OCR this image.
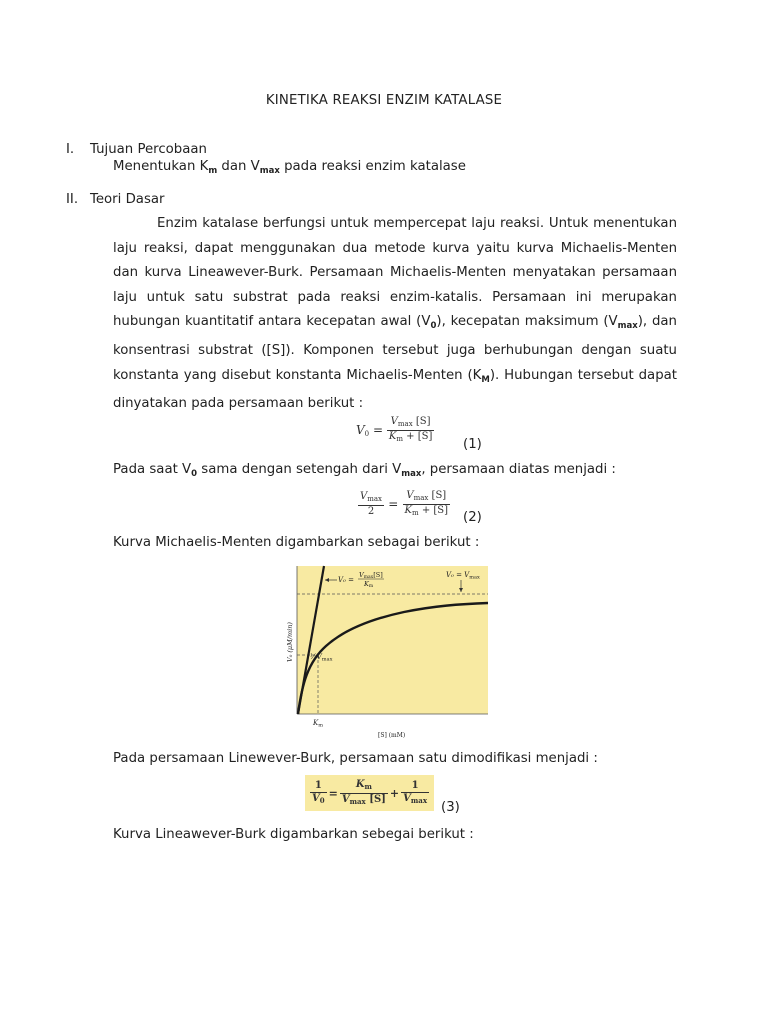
KINETIKA REAKSI ENZIM KATALASE
I. Tujuan Percobaan
Menentukan $K_m$ dan $V_{max}$ pada reaksi enzim katalase
II. Teori Dasar

Enzim katalase berfungsi untuk mempercepat laju reaksi. Untuk menentukan laju reaksi, dapat menggunakan dua metode kurva yaitu kurva Michaelis-Menten dan kurva Lineawever-Burk. Persamaan Michaelis-Menten menyatakan persamaan laju untuk satu substrat pada reaksi enzim-katalis. Persamaan ini merupakan hubungan kuantitatif antara kecepatan awal $(V_0)$, kecepatan maksimum $(V_{max})$, dan konsentrasi substrat ([S]). Komponen tersebut juga berhubungan dengan suatu konstanta yang disebut konstanta Michaelis-Menten $(K_M)$. Hubungan tersebut dapat dinyatakan pada persamaan berikut :

$V0 = \frac{V_{max} [S]}{K_m + [S]} (1)$
Pada saat $V_0$ sama dengan setengah dari $V_{max}$, persamaan diatas menjadi :
$\frac{V_{max}}{2} = \frac{V_{max} [S]}{K_m + [S]} (2)$
Kurva Michaelis-Menten digambarkan sebagai berikut :
V₀ =
Vmax[S]
Km
$V_0 = V_{max}$
$\frac{1}{2}V_{max}$
$K_m$
[S] (mM)
V₀ (μM/min)
Pada persamaan Linewever-Burk, persamaan satu dimodifikasi menjadi :
$\frac{1}{V_0} = \frac{K_m}{V_{max} [S]} + \frac{1}{V_{max}}$
(3)
Kurva Lineawever-Burk digambarkan sebegai berikut :
